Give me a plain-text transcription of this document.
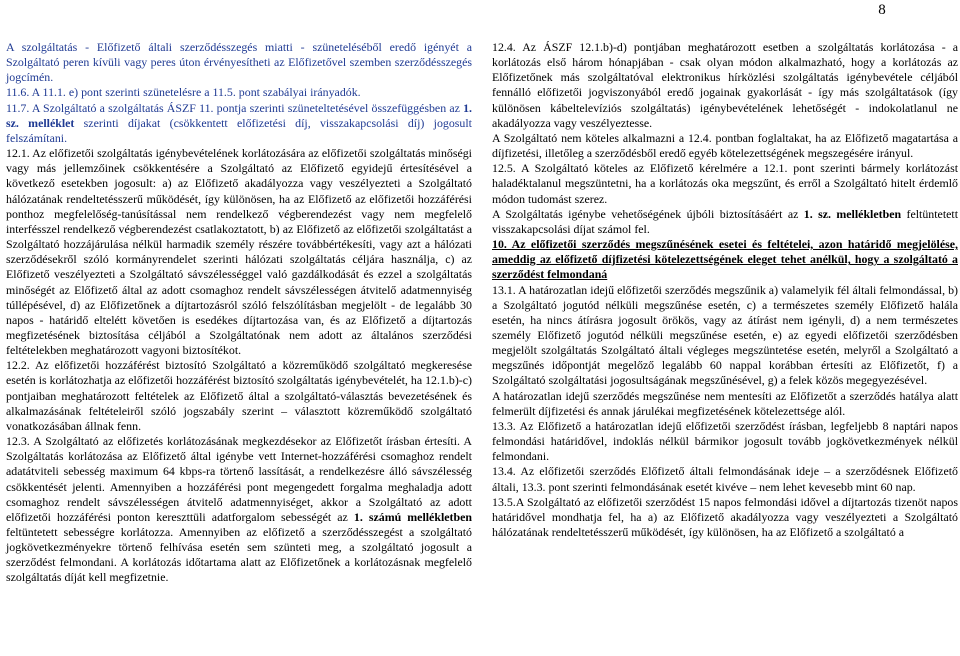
8

A szolgáltatás - Előfizető általi szerződésszegés miatti - szüneteléséből eredő igényét a Szolgáltató peren kívüli vagy peres úton érvényesítheti az Előfizetővel szemben szerződésszegés jogcímén.

11.6. A 11.1. e) pont szerinti szünetelésre a 11.5. pont szabályai irányadók.

11.7. A Szolgáltató a szolgáltatás ÁSZF 11. pontja szerinti szüneteltetésével összefüggésben az 1. sz. melléklet szerinti díjakat (csökkentett előfizetési díj, visszakapcsolási díj) jogosult felszámítani.

12.1. Az előfizetői szolgáltatás igénybevételének korlátozására az előfizetői szolgáltatás minőségi vagy más jellemzőinek csökkentésére a Szolgáltató az Előfizető egyidejű értesítésével a következő esetekben jogosult: a) az Előfizető akadályozza vagy veszélyezteti a Szolgáltató hálózatának rendeltetésszerű működését, így különösen, ha az Előfizető az előfizetői hozzáférési ponthoz megfelelőség-tanúsítással nem rendelkező végberendezést vagy nem megfelelő interfésszel rendelkező végberendezést csatlakoztatott, b) az Előfizető az előfizetői szolgáltatást a Szolgáltató hozzájárulása nélkül harmadik személy részére továbbértékesíti, vagy azt a hálózati szerződésekről szóló kormányrendelet szerinti hálózati szolgáltatás céljára használja, c) az Előfizető veszélyezteti a Szolgáltató sávszélességgel való gazdálkodását és ezzel a szolgáltatás minőségét az Előfizető által az adott csomaghoz rendelt sávszélességen átvitelő adatmennyiség túllépésével, d) az Előfizetőnek a díjtartozásról szóló felszólításban megjelölt - de legalább 30 napos - határidő eltelétt követően is esedékes díjtartozása van, és az Előfizető a díjtartozás megfizetésének biztosítása céljából a Szolgáltatónak nem adott az általános szerződési feltételekben meghatározott vagyoni biztosítékot.

12.2. Az előfizetői hozzáférést biztosító Szolgáltató a közreműködő szolgáltató megkeresése esetén is korlátozhatja az előfizetői hozzáférést biztosító szolgáltatás igénybevételét, ha 12.1.b)-c) pontjaiban meghatározott feltételek az Előfizető által a szolgáltató-választás bevezetésének és alkalmazásának feltételeiről szóló jogszabály szerint – választott közreműködő szolgáltató vonatkozásában állnak fenn.

12.3. A Szolgáltató az előfizetés korlátozásának megkezdésekor az Előfizetőt írásban értesíti. A Szolgáltatás korlátozása az Előfizető által igénybe vett Internet-hozzáférési csomaghoz rendelt adatátviteli sebesség maximum 64 kbps-ra törtenő lassítását, a rendelkezésre álló sávszélesség csökkentését jelenti. Amennyiben a hozzáférési pont megengedett forgalma meghaladja adott csomaghoz rendelt sávszélességen átvitelő adatmennyiséget, akkor a Szolgáltató az adott előfizetői hozzáférési ponton kereszttüli adatforgalom sebességét az 1. számú mellékletben feltüntetett sebességre korlátozza. Amennyiben az előfizető a szerződésszegést a szolgáltató jogkövetkezményekre törtenő felhívása esetén sem szünteti meg, a szolgáltató jogosult a szerződést felmondani. A korlátozás időtartama alatt az Előfizetőnek a korlátozásnak megfelelő szolgáltatás díját kell megfizetnie.

12.4. Az ÁSZF 12.1.b)-d) pontjában meghatározott esetben a szolgáltatás korlátozása - a korlátozás első három hónapjában - csak olyan módon alkalmazható, hogy a korlátozás az Előfizetőnek más szolgáltatóval elektronikus hírközlési szolgáltatás igénybevétele céljából fennálló előfizetői jogviszonyából eredő jogainak gyakorlását - így más szolgáltatások (így különösen kábeltelevíziós szolgáltatás) igénybevételének lehetőségét - indokolatlanul ne akadályozza vagy veszélyeztesse.

A Szolgáltató nem köteles alkalmazni a 12.4. pontban foglaltakat, ha az Előfizető magatartása a díjfizetési, illetőleg a szerződésből eredő egyéb kötelezettségének megszegésére irányul.

12.5. A Szolgáltató köteles az Előfizető kérelmére a 12.1. pont szerinti bármely korlátozást haladéktalanul megszüntetni, ha a korlátozás oka megszűnt, és erről a Szolgáltató hitelt érdemlő módon tudomást szerez.

A Szolgáltatás igénybe vehetőségének újbóli biztosításáért az 1. sz. mellékletben feltüntetett visszakapcsolási díjat számol fel.

10. Az előfizetői szerződés megszűnésének esetei és feltételei, azon határidő megjelölése, ameddig az előfizető díjfizetési kötelezettségének eleget tehet anélkül, hogy a szolgáltató a szerződést felmondaná

13.1. A határozatlan idejű előfizetői szerződés megszűnik a) valamelyik fél általi felmondással, b) a Szolgáltató jogutód nélküli megszűnése esetén, c) a természetes személy Előfizető halála esetén, ha nincs átírásra jogosult örökös, vagy az átírást nem igényli, d) a nem természetes személy Előfizető jogutód nélküli megszűnése esetén, e) az egyedi előfizetői szerződésben megjelölt szolgáltatás Szolgáltató általi végleges megszüntetése esetén, melyről a Szolgáltató a megszűnés időpontját megelőző legalább 60 nappal korábban értesíti az Előfizetőt, f) a Szolgáltató szolgáltatási jogosultságának megszűnésével, g) a felek közös megegyezésével.

A határozatlan idejű szerződés megszűnése nem mentesíti az Előfizetőt a szerződés hatálya alatt felmerült díjfizetési és annak járulékai megfizetésének kötelezettsége alól.

13.3. Az Előfizető a határozatlan idejű előfizetői szerződést írásban, legfeljebb 8 naptári napos felmondási határidővel, indoklás nélkül bármikor jogosult tovább jogkövetkezmények nélkül felmondani.

13.4. Az előfizetői szerződés Előfizető általi felmondásának ideje – a szerződésnek Előfizető általi, 13.3. pont szerinti felmondásának esetét kivéve – nem lehet kevesebb mint 60 nap.

13.5.A Szolgáltató az előfizetői szerződést 15 napos felmondási idővel a díjtartozás tizenöt napos határidővel mondhatja fel, ha a) az Előfizető akadályozza vagy veszélyezteti a Szolgáltató hálózatának rendeltetésszerű működését, így különösen, ha az Előfizető a szolgáltató a
